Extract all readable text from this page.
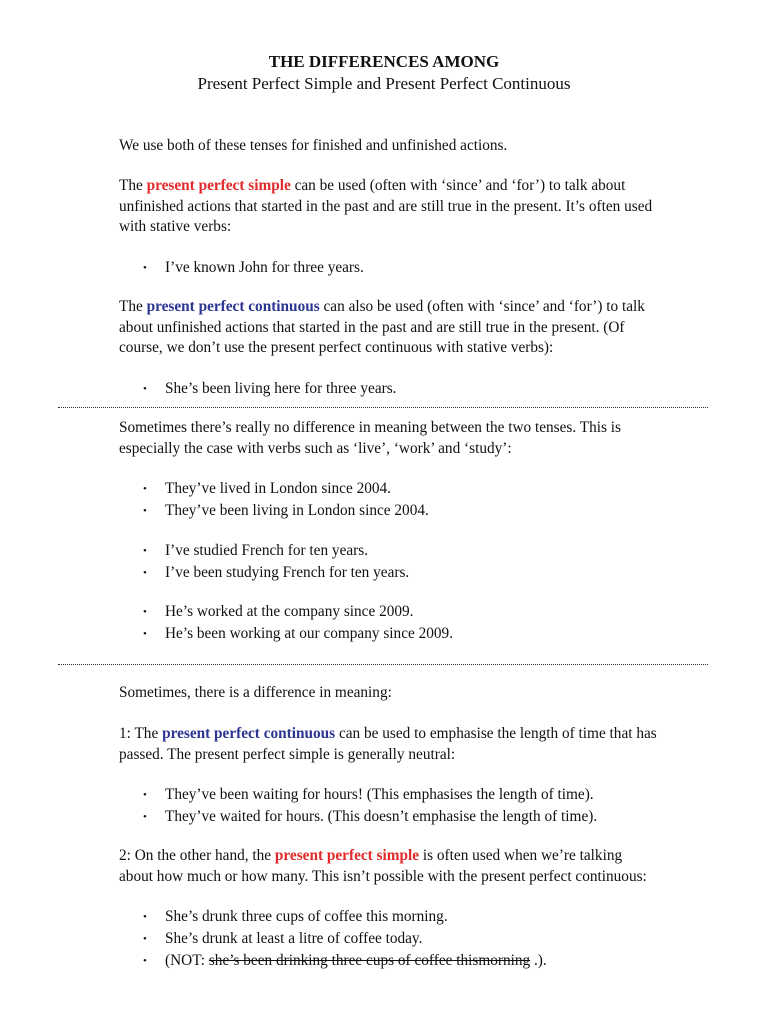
THE DIFFERENCES AMONG
Present Perfect Simple and Present Perfect Continuous

We use both of these tenses for finished and unfinished actions.

The present perfect simple can be used (often with ‘since’ and ‘for’) to talk about unfinished actions that started in the past and are still true in the present. It’s often used with stative verbs:

• I’ve known John for three years.

The present perfect continuous can also be used (often with ‘since’ and ‘for’) to talk about unfinished actions that started in the past and are still true in the present. (Of course, we don’t use the present perfect continuous with stative verbs):

• She’s been living here for three years.

Sometimes there’s really no difference in meaning between the two tenses. This is especially the case with verbs such as ‘live’, ‘work’ and ‘study’:

• They’ve lived in London since 2004.
• They’ve been living in London since 2004.
• I’ve studied French for ten years.
• I’ve been studying French for ten years.
• He’s worked at the company since 2009.
• He’s been working at our company since 2009.

Sometimes, there is a difference in meaning:

1: The present perfect continuous can be used to emphasise the length of time that has passed. The present perfect simple is generally neutral:

• They’ve been waiting for hours! (This emphasises the length of time).
• They’ve waited for hours. (This doesn’t emphasise the length of time).

2: On the other hand, the present perfect simple is often used when we’re talking about how much or how many. This isn’t possible with the present perfect continuous:

• She’s drunk three cups of coffee this morning.
• She’s drunk at least a litre of coffee today.
• (NOT: she’s been drinking three cups of coffee thismorning .).
